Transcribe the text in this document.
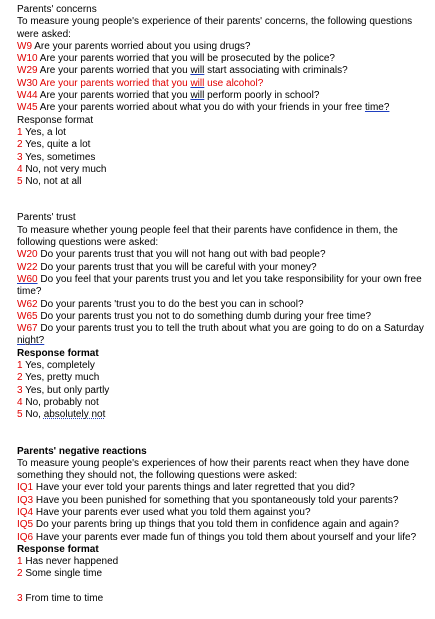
Parents' concerns
To measure young people's experience of their parents' concerns, the following questions were asked:
W9 Are your parents worried about you using drugs?
W10 Are your parents worried that you will be prosecuted by the police?
W29 Are your parents worried that you will start associating with criminals?
W30 Are your parents worried that you will use alcohol?
W44 Are your parents worried that you will perform poorly in school?
W45 Are your parents worried about what you do with your friends in your free time?
Response format
1 Yes, a lot
2 Yes, quite a lot
3 Yes, sometimes
4 No, not very much
5 No, not at all
Parents' trust
To measure whether young people feel that their parents have confidence in them, the following questions were asked:
W20 Do your parents trust that you will not hang out with bad people?
W22 Do your parents trust that you will be careful with your money?
W60 Do you feel that your parents trust you and let you take responsibility for your own free time?
W62 Do your parents 'trust you to do the best you can in school?
W65 Do your parents trust you not to do something dumb during your free time?
W67 Do your parents trust you to tell the truth about what you are going to do on a Saturday night?
Response format
1 Yes, completely
2 Yes, pretty much
3 Yes, but only partly
4 No, probably not
5 No, absolutely not
Parents' negative reactions
To measure young people's experiences of how their parents react when they have done something they should not, the following questions were asked:
IQ1 Have your ever told your parents things and later regretted that you did?
IQ3 Have you been punished for something that you spontaneously told your parents?
IQ4 Have your parents ever used what you told them against you?
IQ5 Do your parents bring up things that you told them in confidence again and again?
IQ6 Have your parents ever made fun of things you told them about yourself and your life?
Response format
1 Has never happened
2 Some single time
3 From time to time
